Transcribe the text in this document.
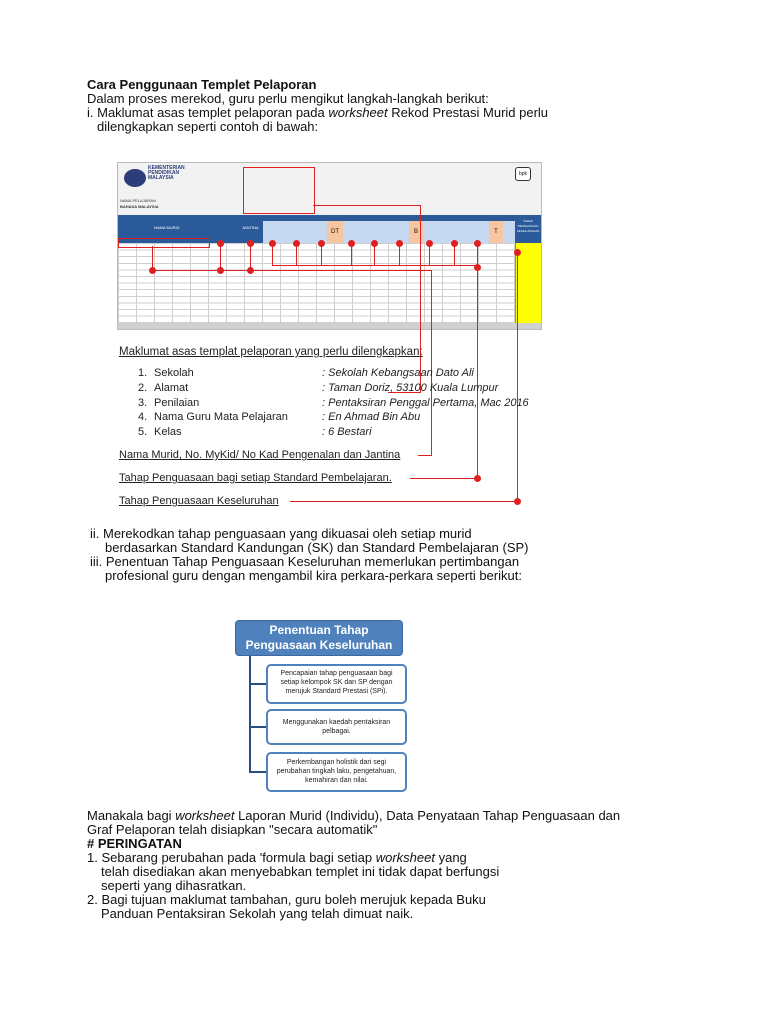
Cara Penggunaan Templet Pelaporan
Dalam proses merekod, guru perlu mengikut langkah-langkah berikut:
i. Maklumat asas templet pelaporan pada worksheet Rekod Prestasi Murid perlu
dilengkapkan seperti contoh di bawah:
KEMENTERIAN
PENDIDIKAN
MALAYSIA
NAMA PELAJARAN
BAHASA MALAYSIA
bpk
NAMA MURID	JANTINA
DT	B	T
TAHAP PENGUASAAN KESELURUHAN
Maklumat asas templat pelaporan yang perlu dilengkapkan:
1. Sekolah	: Sekolah Kebangsaan Dato Ali
2. Alamat	: Taman Doriz, 53100 Kuala Lumpur
3. Penilaian	: Pentaksiran Penggal Pertama, Mac 2016
4. Nama Guru Mata Pelajaran	: En Ahmad Bin Abu
5. Kelas	: 6 Bestari
Nama Murid, No. MyKid/ No Kad Pengenalan dan Jantina
Tahap Penguasaan bagi setiap Standard Pembelajaran.
Tahap Penguasaan Keseluruhan
ii. Merekodkan tahap penguasaan yang dikuasai oleh setiap murid
berdasarkan Standard Kandungan (SK) dan Standard Pembelajaran (SP)
iii. Penentuan Tahap Penguasaan Keseluruhan memerlukan pertimbangan
profesional guru dengan mengambil kira perkara-perkara seperti berikut:
Penentuan Tahap
Penguasaan Keseluruhan
Pencapaian tahap penguasaan bagi setiap kelompok SK dan SP dengan merujuk Standard Prestasi (SPi).
Menggunakan kaedah pentaksiran pelbagai.
Perkembangan holistik dari segi perubahan tingkah laku, pengetahuan, kemahiran dan nilai.
Manakala bagi worksheet Laporan Murid (Individu), Data Penyataan Tahap Penguasaan dan
Graf Pelaporan telah disiapkan "secara automatik"
# PERINGATAN
1. Sebarang perubahan pada 'formula bagi setiap worksheet yang
telah disediakan akan menyebabkan templet ini tidak dapat berfungsi
seperti yang dihasratkan.
2. Bagi tujuan maklumat tambahan, guru boleh merujuk kepada Buku
Panduan Pentaksiran Sekolah yang telah dimuat naik.
